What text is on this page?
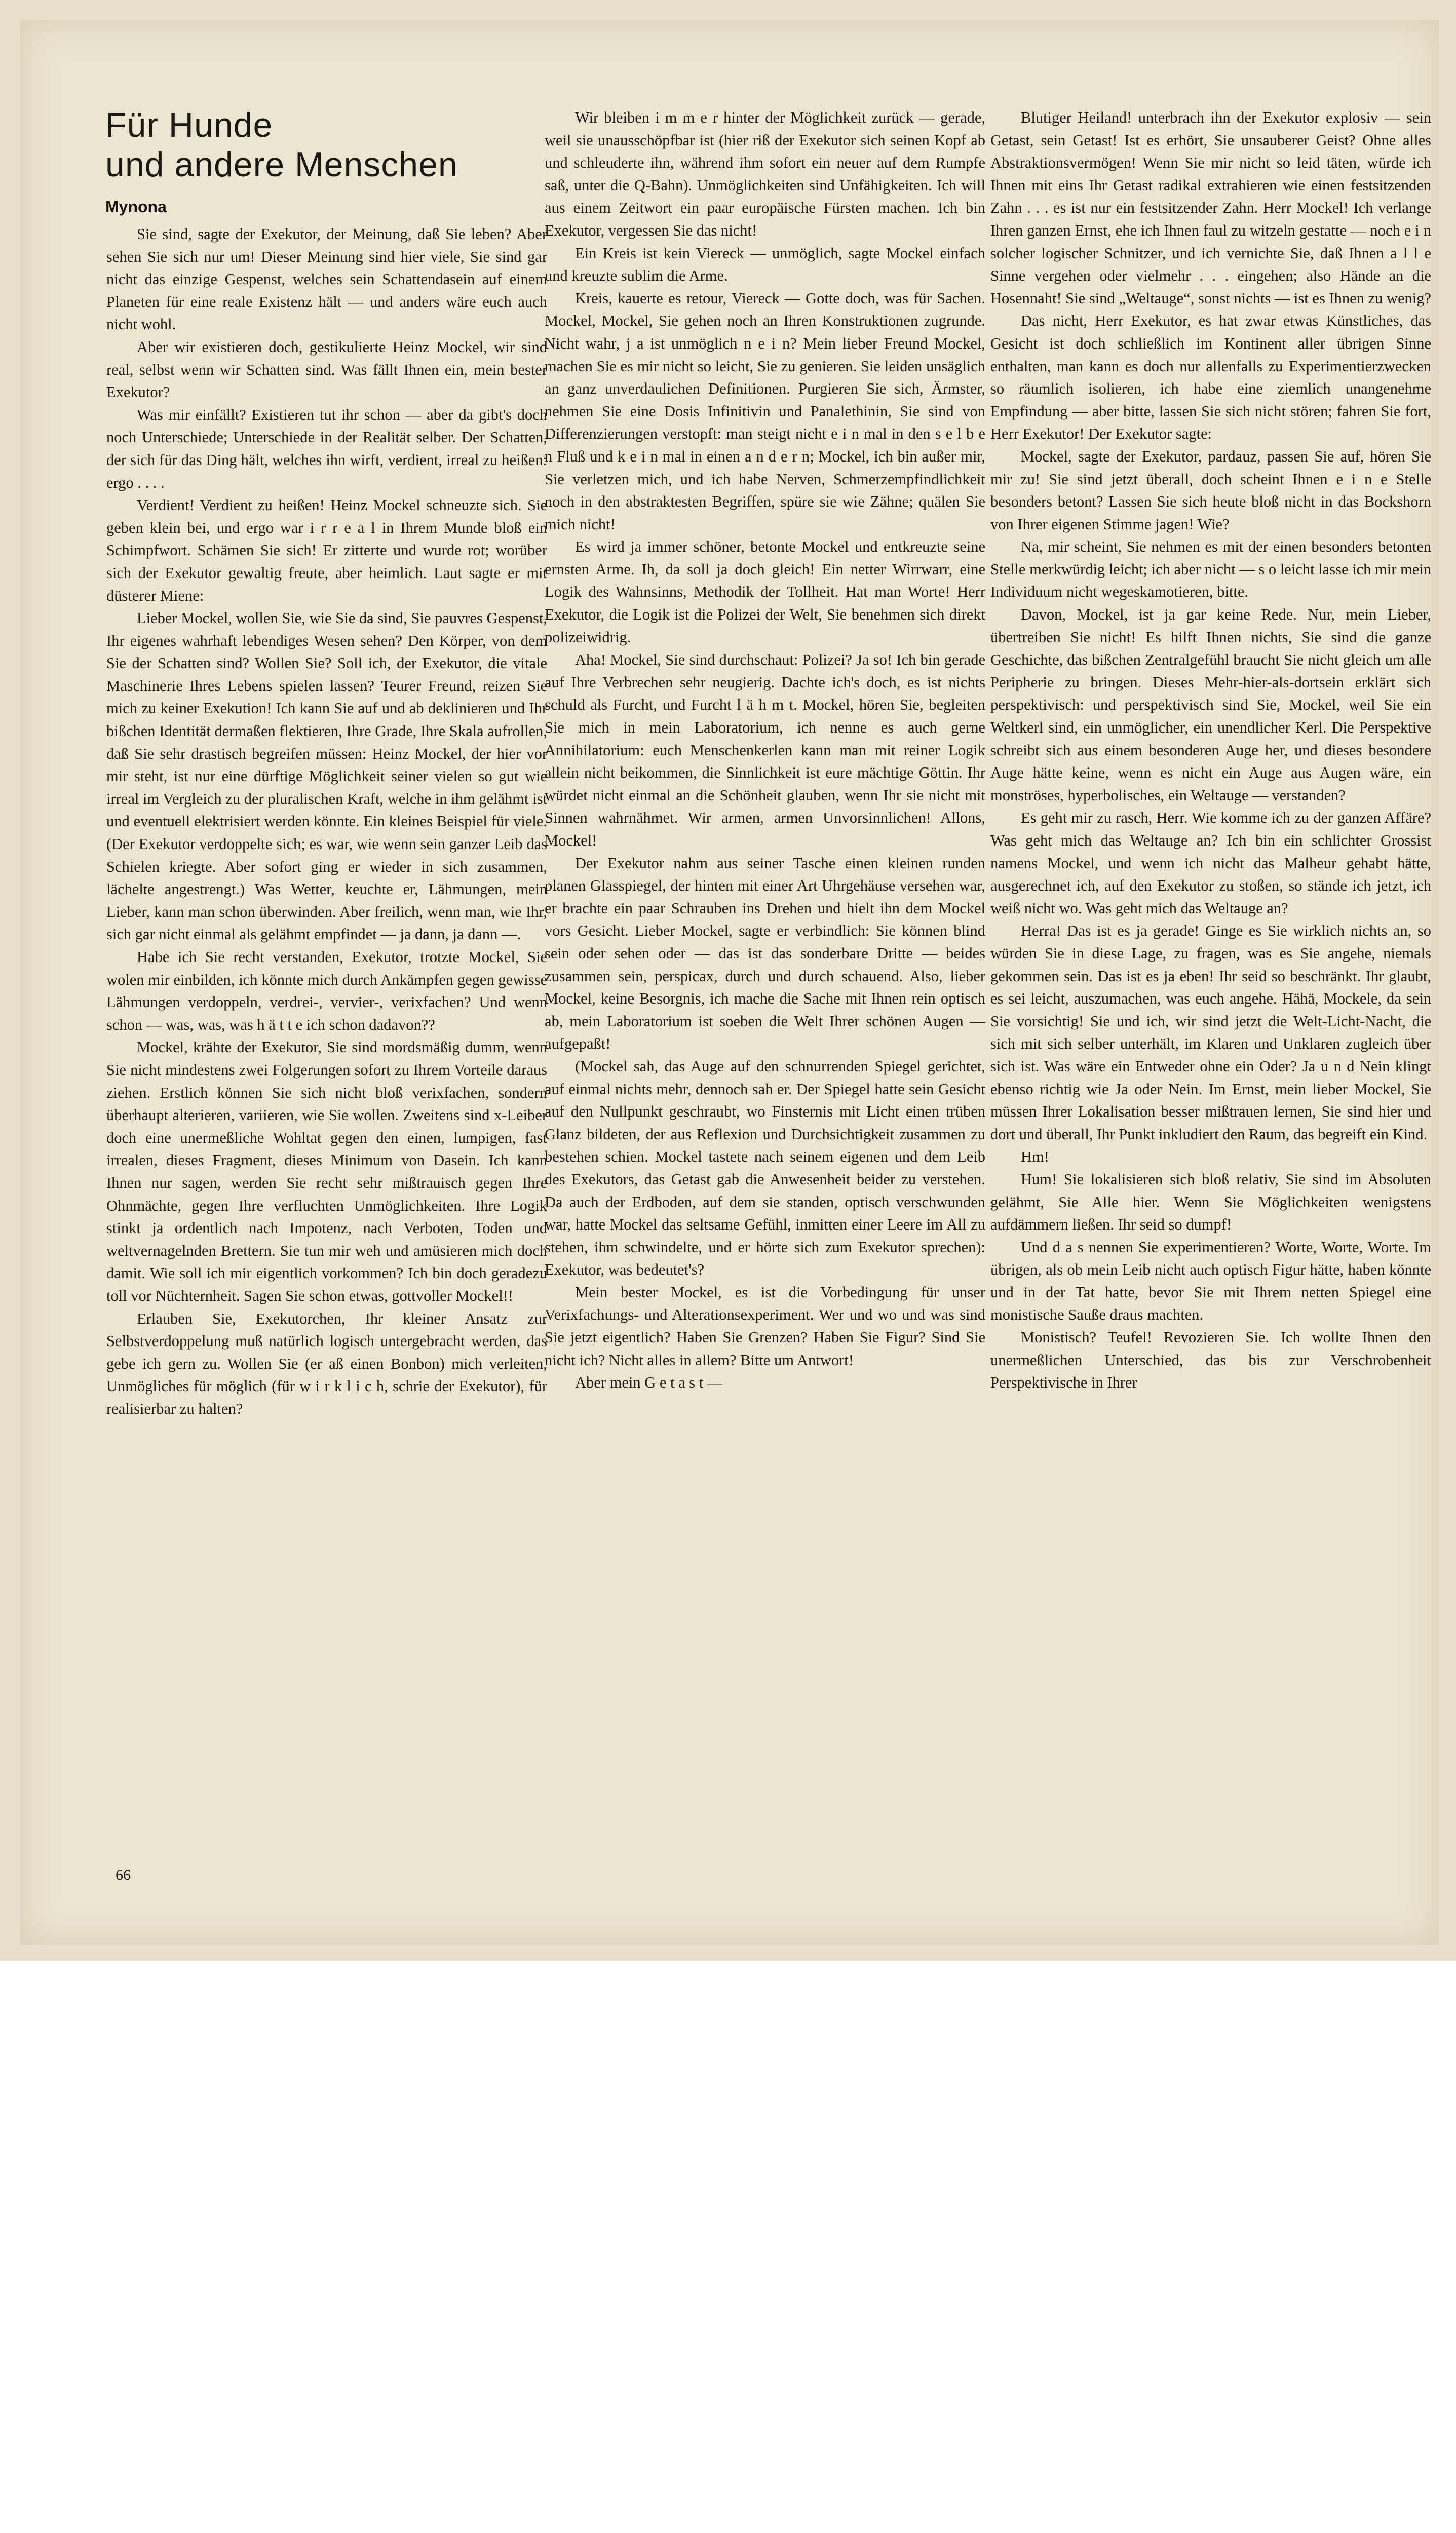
Für Hunde
und andere Menschen
Mynona

Sie sind, sagte der Exekutor, der Meinung, daß Sie leben? Aber sehen Sie sich nur um! Dieser Meinung sind hier viele, Sie sind gar nicht das einzige Gespenst, welches sein Schattendasein auf einem Planeten für eine reale Existenz hält — und anders wäre euch auch nicht wohl.

Aber wir existieren doch, gestikulierte Heinz Mockel, wir sind real, selbst wenn wir Schatten sind. Was fällt Ihnen ein, mein bester Exekutor?

Was mir einfällt? Existieren tut ihr schon — aber da gibt's doch noch Unterschiede; Unterschiede in der Realität selber. Der Schatten, der sich für das Ding hält, welches ihn wirft, verdient, irreal zu heißen: ergo . . . .

Verdient! Verdient zu heißen! Heinz Mockel schneuzte sich. Sie geben klein bei, und ergo war i r r e a l in Ihrem Munde bloß ein Schimpfwort. Schämen Sie sich! Er zitterte und wurde rot; worüber sich der Exekutor gewaltig freute, aber heimlich. Laut sagte er mit düsterer Miene:

Lieber Mockel, wollen Sie, wie Sie da sind, Sie pauvres Gespenst, Ihr eigenes wahrhaft lebendiges Wesen sehen? Den Körper, von dem Sie der Schatten sind? Wollen Sie? Soll ich, der Exekutor, die vitale Maschinerie Ihres Lebens spielen lassen? Teurer Freund, reizen Sie mich zu keiner Exekution! Ich kann Sie auf und ab deklinieren und Ihr bißchen Identität dermaßen flektieren, Ihre Grade, Ihre Skala aufrollen, daß Sie sehr drastisch begreifen müssen: Heinz Mockel, der hier vor mir steht, ist nur eine dürftige Möglichkeit seiner vielen so gut wie irreal im Vergleich zu der pluralischen Kraft, welche in ihm gelähmt ist und eventuell elektrisiert werden könnte. Ein kleines Beispiel für viele. (Der Exekutor verdoppelte sich; es war, wie wenn sein ganzer Leib das Schielen kriegte. Aber sofort ging er wieder in sich zusammen, lächelte angestrengt.) Was Wetter, keuchte er, Lähmungen, mein Lieber, kann man schon überwinden. Aber freilich, wenn man, wie Ihr, sich gar nicht einmal als gelähmt empfindet — ja dann, ja dann —.

Habe ich Sie recht verstanden, Exekutor, trotzte Mockel, Sie wolen mir einbilden, ich könnte mich durch Ankämpfen gegen gewisse Lähmungen verdoppeln, verdrei-, vervier-, verixfachen? Und wenn schon — was, was, was h ä t t e ich schon dadavon??

Mockel, krähte der Exekutor, Sie sind mordsmäßig dumm, wenn Sie nicht mindestens zwei Folgerungen sofort zu Ihrem Vorteile daraus ziehen. Erstlich können Sie sich nicht bloß verixfachen, sondern überhaupt alterieren, variieren, wie Sie wollen. Zweitens sind x-Leiber doch eine unermeßliche Wohltat gegen den einen, lumpigen, fast irrealen, dieses Fragment, dieses Minimum von Dasein. Ich kann Ihnen nur sagen, werden Sie recht sehr mißtrauisch gegen Ihre Ohnmächte, gegen Ihre verfluchten Unmöglichkeiten. Ihre Logik stinkt ja ordentlich nach Impotenz, nach Verboten, Toden und weltvernagelnden Brettern. Sie tun mir weh und amüsieren mich doch damit. Wie soll ich mir eigentlich vorkommen? Ich bin doch geradezu toll vor Nüchternheit. Sagen Sie schon etwas, gottvoller Mockel!!

Erlauben Sie, Exekutorchen, Ihr kleiner Ansatz zur Selbstverdoppelung muß natürlich logisch untergebracht werden, das gebe ich gern zu. Wollen Sie (er aß einen Bonbon) mich verleiten, Unmögliches für möglich (für w i r k l i c h, schrie der Exekutor), für realisierbar zu halten?

Wir bleiben i m m e r hinter der Möglichkeit zurück — gerade, weil sie unausschöpfbar ist (hier riß der Exekutor sich seinen Kopf ab und schleuderte ihn, während ihm sofort ein neuer auf dem Rumpfe saß, unter die Q-Bahn). Unmöglichkeiten sind Unfähigkeiten. Ich will aus einem Zeitwort ein paar europäische Fürsten machen. Ich bin Exekutor, vergessen Sie das nicht!

Ein Kreis ist kein Viereck — unmöglich, sagte Mockel einfach und kreuzte sublim die Arme.

Kreis, kauerte es retour, Viereck — Gotte doch, was für Sachen. Mockel, Mockel, Sie gehen noch an Ihren Konstruktionen zugrunde. Nicht wahr, j a ist unmöglich n e i n? Mein lieber Freund Mockel, machen Sie es mir nicht so leicht, Sie zu genieren. Sie leiden unsäglich an ganz unverdaulichen Definitionen. Purgieren Sie sich, Ärmster, nehmen Sie eine Dosis Infinitivin und Panalethinin, Sie sind von Differenzierungen verstopft: man steigt nicht e i n mal in den s e l b e n Fluß und k e i n mal in einen a n d e r n; Mockel, ich bin außer mir, Sie verletzen mich, und ich habe Nerven, Schmerzempfindlichkeit noch in den abstraktesten Begriffen, spüre sie wie Zähne; quälen Sie mich nicht!

Es wird ja immer schöner, betonte Mockel und entkreuzte seine ernsten Arme. Ih, da soll ja doch gleich! Ein netter Wirrwarr, eine Logik des Wahnsinns, Methodik der Tollheit. Hat man Worte! Herr Exekutor, die Logik ist die Polizei der Welt, Sie benehmen sich direkt polizeiwidrig.

Aha! Mockel, Sie sind durchschaut: Polizei? Ja so! Ich bin gerade auf Ihre Verbrechen sehr neugierig. Dachte ich's doch, es ist nichts schuld als Furcht, und Furcht l ä h m t. Mockel, hören Sie, begleiten Sie mich in mein Laboratorium, ich nenne es auch gerne Annihilatorium: euch Menschenkerlen kann man mit reiner Logik allein nicht beikommen, die Sinnlichkeit ist eure mächtige Göttin. Ihr würdet nicht einmal an die Schönheit glauben, wenn Ihr sie nicht mit Sinnen wahrnähmet. Wir armen, armen Unvorsinnlichen! Allons, Mockel!

Der Exekutor nahm aus seiner Tasche einen kleinen runden planen Glasspiegel, der hinten mit einer Art Uhrgehäuse versehen war, er brachte ein paar Schrauben ins Drehen und hielt ihn dem Mockel vors Gesicht. Lieber Mockel, sagte er verbindlich: Sie können blind sein oder sehen oder — das ist das sonderbare Dritte — beides zusammen sein, perspicax, durch und durch schauend. Also, lieber Mockel, keine Besorgnis, ich mache die Sache mit Ihnen rein optisch ab, mein Laboratorium ist soeben die Welt Ihrer schönen Augen — aufgepaßt!

(Mockel sah, das Auge auf den schnurrenden Spiegel gerichtet, auf einmal nichts mehr, dennoch sah er. Der Spiegel hatte sein Gesicht auf den Nullpunkt geschraubt, wo Finsternis mit Licht einen trüben Glanz bildeten, der aus Reflexion und Durchsichtigkeit zusammen zu bestehen schien. Mockel tastete nach seinem eigenen und dem Leib des Exekutors, das Getast gab die Anwesenheit beider zu verstehen. Da auch der Erdboden, auf dem sie standen, optisch verschwunden war, hatte Mockel das seltsame Gefühl, inmitten einer Leere im All zu stehen, ihm schwindelte, und er hörte sich zum Exekutor sprechen): Exekutor, was bedeutet's?

Mein bester Mockel, es ist die Vorbedingung für unser Verixfachungs- und Alterationsexperiment. Wer und wo und was sind Sie jetzt eigentlich? Haben Sie Grenzen? Haben Sie Figur? Sind Sie nicht ich? Nicht alles in allem? Bitte um Antwort!

Aber mein G e t a s t —

Blutiger Heiland! unterbrach ihn der Exekutor explosiv — sein Getast, sein Getast! Ist es erhört, Sie unsauberer Geist? Ohne alles Abstraktionsvermögen! Wenn Sie mir nicht so leid täten, würde ich Ihnen mit eins Ihr Getast radikal extrahieren wie einen festsitzenden Zahn . . . es ist nur ein festsitzender Zahn. Herr Mockel! Ich verlange Ihren ganzen Ernst, ehe ich Ihnen faul zu witzeln gestatte — noch e i n solcher logischer Schnitzer, und ich vernichte Sie, daß Ihnen a l l e Sinne vergehen oder vielmehr . . . eingehen; also Hände an die Hosennaht! Sie sind „Weltauge“, sonst nichts — ist es Ihnen zu wenig?

Das nicht, Herr Exekutor, es hat zwar etwas Künstliches, das Gesicht ist doch schließlich im Kontinent aller übrigen Sinne enthalten, man kann es doch nur allenfalls zu Experimentierzwecken so räumlich isolieren, ich habe eine ziemlich unangenehme Empfindung — aber bitte, lassen Sie sich nicht stören; fahren Sie fort, Herr Exekutor! Der Exekutor sagte:

Mockel, sagte der Exekutor, pardauz, passen Sie auf, hören Sie mir zu! Sie sind jetzt überall, doch scheint Ihnen e i n e Stelle besonders betont? Lassen Sie sich heute bloß nicht in das Bockshorn von Ihrer eigenen Stimme jagen! Wie?

Na, mir scheint, Sie nehmen es mit der einen besonders betonten Stelle merkwürdig leicht; ich aber nicht — s o leicht lasse ich mir mein Individuum nicht wegeskamotieren, bitte.

Davon, Mockel, ist ja gar keine Rede. Nur, mein Lieber, übertreiben Sie nicht! Es hilft Ihnen nichts, Sie sind die ganze Geschichte, das bißchen Zentralgefühl braucht Sie nicht gleich um alle Peripherie zu bringen. Dieses Mehr-hier-als-dortsein erklärt sich perspektivisch: und perspektivisch sind Sie, Mockel, weil Sie ein Weltkerl sind, ein unmöglicher, ein unendlicher Kerl. Die Perspektive schreibt sich aus einem besonderen Auge her, und dieses besondere Auge hätte keine, wenn es nicht ein Auge aus Augen wäre, ein monströses, hyperbolisches, ein Weltauge — verstanden?

Es geht mir zu rasch, Herr. Wie komme ich zu der ganzen Affäre? Was geht mich das Weltauge an? Ich bin ein schlichter Grossist namens Mockel, und wenn ich nicht das Malheur gehabt hätte, ausgerechnet ich, auf den Exekutor zu stoßen, so stände ich jetzt, ich weiß nicht wo. Was geht mich das Weltauge an?

Herra! Das ist es ja gerade! Ginge es Sie wirklich nichts an, so würden Sie in diese Lage, zu fragen, was es Sie angehe, niemals gekommen sein. Das ist es ja eben! Ihr seid so beschränkt. Ihr glaubt, es sei leicht, auszumachen, was euch angehe. Hähä, Mockele, da sein Sie vorsichtig! Sie und ich, wir sind jetzt die Welt-Licht-Nacht, die sich mit sich selber unterhält, im Klaren und Unklaren zugleich über sich ist. Was wäre ein Entweder ohne ein Oder? Ja u n d Nein klingt ebenso richtig wie Ja oder Nein. Im Ernst, mein lieber Mockel, Sie müssen Ihrer Lokalisation besser mißtrauen lernen, Sie sind hier und dort und überall, Ihr Punkt inkludiert den Raum, das begreift ein Kind.

Hm!

Hum! Sie lokalisieren sich bloß relativ, Sie sind im Absoluten gelähmt, Sie Alle hier. Wenn Sie Möglichkeiten wenigstens aufdämmern ließen. Ihr seid so dumpf!

Und d a s nennen Sie experimentieren? Worte, Worte, Worte. Im übrigen, als ob mein Leib nicht auch optisch Figur hätte, haben könnte und in der Tat hatte, bevor Sie mit Ihrem netten Spiegel eine monistische Sauße draus machten.

Monistisch? Teufel! Revozieren Sie. Ich wollte Ihnen den unermeßlichen Unterschied, das bis zur Verschrobenheit Perspektivische in Ihrer

66
